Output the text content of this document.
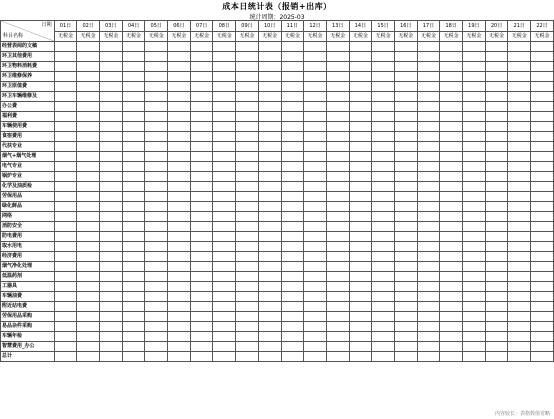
成本日统计表（报销+出库）
统计周期：2025-03
日期
科目名称	01日	02日	03日	04日	05日	06日	07日	08日	09日	10日	11日	12日	13日	14日	15日	16日	17日	18日	19日	20日	21日	22日
	无税金	无税金	无税金	无税金	无税金	无税金	无税金	无税金	无税金	无税金	无税金	无税金	无税金	无税金	无税金	无税金	无税金	无税金	无税金	无税金	无税金	无税金
经营表阅的文稿																						
环卫其他费用																						
环卫物料消耗费																						
环卫维修保养																						
环卫原值费																						
环卫车辆维修及																						
办公费																						
福利费																						
车辆使用费																						
食宿费用																						
代扶专业																						
烟气+烟气处理																						
电气专业																						
锅炉专业																						
化学及油质检																						
劳保用品																						
绿化鲜品																						
网络																						
消防安全																						
防电费用																						
取水用电																						
经济费用																						
烟气净化处理																						
低温药剂																						
工器具																						
车辆油费																						
附近站电费																						
劳保用品采购																						
易品杂件采购																						
车辆年检																						
智慧费用_办公																						
总计																						
内容较长：表格数值省略
